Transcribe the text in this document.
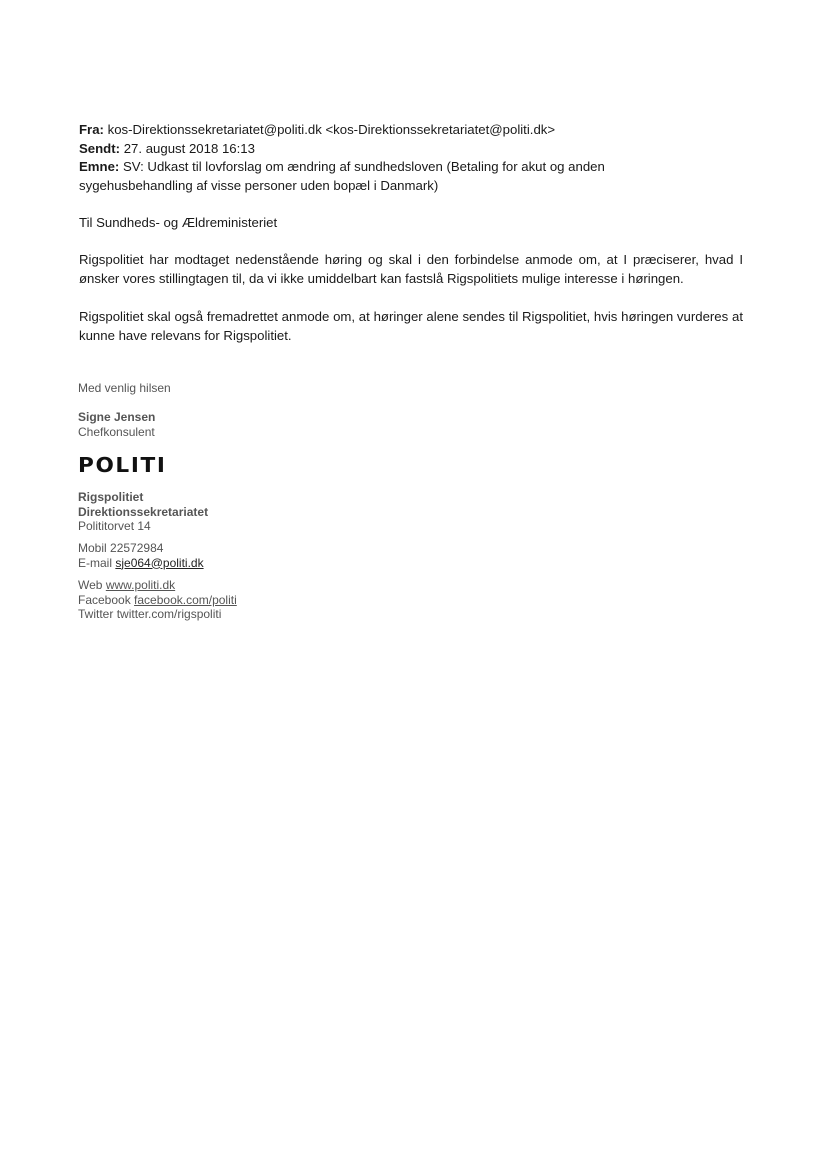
Fra: kos-Direktionssekretariatet@politi.dk <kos-Direktionssekretariatet@politi.dk>
Sendt: 27. august 2018 16:13
Emne: SV: Udkast til lovforslag om ændring af sundhedsloven (Betaling for akut og anden
sygehusbehandling af visse personer uden bopæl i Danmark)
Til Sundheds- og Ældreministeriet
Rigspolitiet har modtaget nedenstående høring og skal i den forbindelse anmode om, at I præciserer, hvad I ønsker vores stillingtagen til, da vi ikke umiddelbart kan fastslå Rigspolitiets mulige interesse i høringen.
Rigspolitiet skal også fremadrettet anmode om, at høringer alene sendes til Rigspolitiet, hvis høringen vurderes at kunne have relevans for Rigspolitiet.
Med venlig hilsen
Signe Jensen
Chefkonsulent
POLITI
Rigspolitiet
Direktionssekretariatet
Polititorvet 14
Mobil 22572984
E-mail sje064@politi.dk
Web www.politi.dk
Facebook facebook.com/politi
Twitter twitter.com/rigspoliti
